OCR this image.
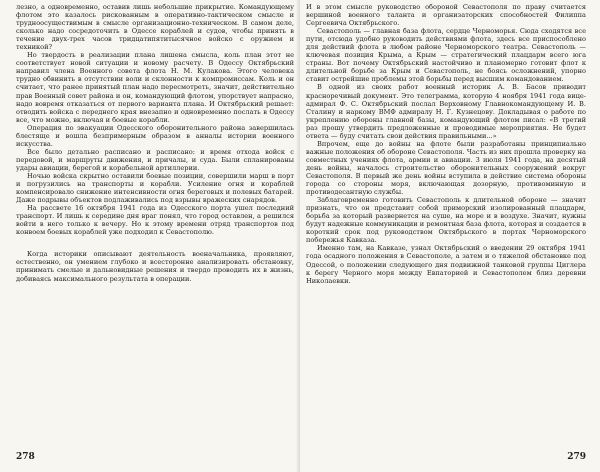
лезно, а одновременно, оставив лишь небольшие прикрытие. Командующему флотом это казалось рискованным в оперативно-тактическом смысле и трудноосуществимым в смысле организационно-техническом. В самом деле, сколько надо сосредоточить в Одессе кораблей и судов, чтобы принять в течение двух-трех часов тридцатипятитысячное войско с оружием и техникой?

Но твердость в реализации плана лишена смысла, коль план этот не соответствует новой ситуации и новому расчету. В Одессу Октябрьский направил члена Военного совета флота Н. М. Кулакова. Этого человека трудно обвинить в отсутствии воли и склонности к компромиссам. Коль и он считает, что ранее принятый план надо пересмотреть, значит, действительно прав Военный совет района и он, командующий флотом, упорствует напрасно, надо вовремя отказаться от первого варианта плана. И Октябрьский решает: отводить войска с переднего края внезапно и одновременно послать в Одессу все, что можно, включая и боевые корабли.

Операция по эвакуации Одесского оборонительного района завершилась блестяще и вошла безпримерным образом в анналы истории военного искусства.

Все было детально расписано и расписано: и время отхода войск с передовой, и маршруты движения, и причалы, и суда. Были спланированы удары авиации, берегой и корабельной артиллерии.

Ночью войска скрытно оставили боевые позиции, совершили марш в порт и погрузились на транспорты и корабли. Усиление огня и кораблей компенсировало снижение интенсивности огня береговых и полевых батарей. Даже подрывы объектов подлаживались под взрывы вражеских снарядов.

На рассвете 16 октября 1941 года из Одесского порта ушел последний транспорт. И лишь к середине дня враг понял, что город оставлен, а решился войти в него только к вечеру. Но к этому времени отряд транспортов под конвоем боевых кораблей уже подходил к Севастополю.

Когда историки описывают деятельность военачальника, проявляют, естественно, он умением глубоко и всесторонне анализировать обстановку, принимать смелые и дальновидные решения и твердо проводить их в жизнь, добиваясь максимального результата в операции.

278

И в этом смысле руководство обороной Севастополя по праву считается вершиной военного таланта и организаторских способностей Филиппа Сергеевича Октябрьского.

Севастополь — главная база флота, сердце Черноморья. Сюда сходятся все пути, отсюда удобно руководить действиями флота, здесь все приспособлено для действий флота в любом районе Черноморского театра. Севастополь — ключевая позиция Крыма, а Крым — стратегический плацдарм всего юга страны. Вот почему Октябрьский настойчиво и планомерно готовит флот к длительной борьбе за Крым и Севастополь, не боясь осложнений, упорно ставит острейшие проблемы этой борьбы перед высшим командованием.

В одной из своих работ военный историк А. В. Басов приводит красноречивый документ. Это телеграмма, которую 4 ноября 1941 года вице-адмирал Ф. С. Октябрьский послал Верховному Главнокомандующему И. В. Сталину и наркому ВМФ адмиралу Н. Г. Кузнецову. Докладывая о работе по укреплению обороны главной базы, командующий флотом писал: «В третий раз прошу утвердить предложенные и проводимые мероприятия. Не будет ответа — буду считать свои действия правильными...»

Впрочем, еще до войны на флоте были разработаны принципиально важные положения об обороне Севастополя. Часть из них прошла проверку на совместных учениях флота, армии и авиации. 3 июля 1941 года, на десятый день войны, началось строительство оборонительных сооружений вокруг Севастополя. В первый же день войны вступила в действие система обороны города со стороны моря, включающая дозорную, противоминную и противодесантную службы.

Заблаговременно готовить Севастополь к длительной обороне — значит признать, что он представит собой приморский изолированный плацдарм, борьба за который развернется на суше, на море и в воздухе. Значит, нужны будут надежные коммуникации и ремонтная база флота, которая и создается в короткий срок под руководством Октябрьского в портах Черноморского побережья Кавказа.

Именно там, на Кавказе, узнал Октябрьский о введении 29 октября 1941 года осадного положения в Севастополе, а затем и о тяжелой обстановке под Одессой, о положении следующего дня подвижной танковой группы Циглера к берегу Черного моря между Евпаторией и Севастополем близ деревни Николаевки.

279
